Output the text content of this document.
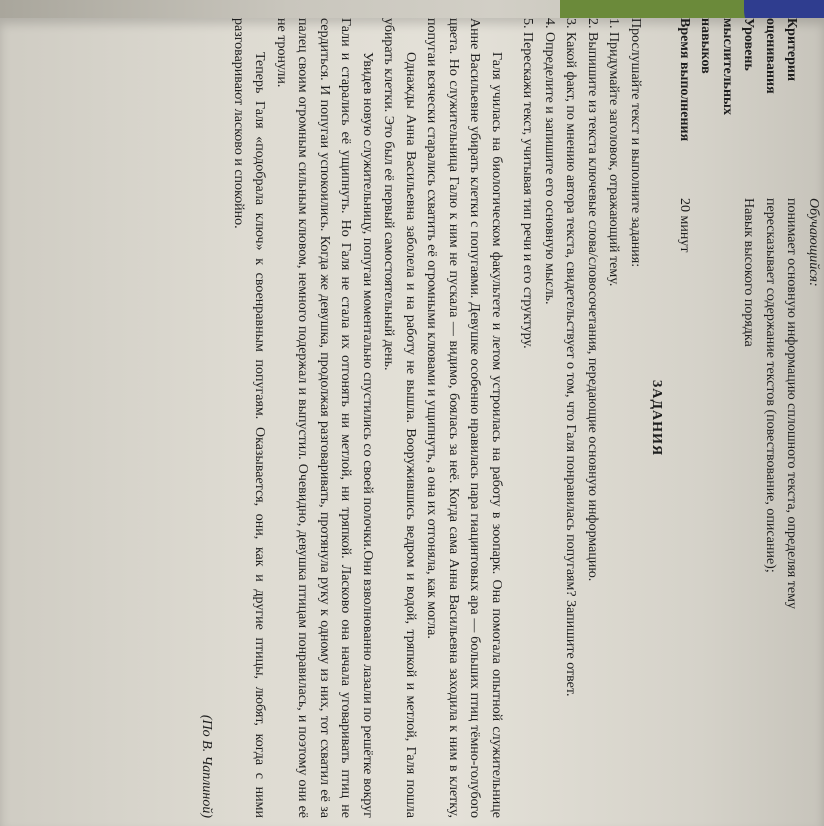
Обучающийся:
Критерии
понимает основную информацию сплошного текста, определяя тему
оценивания
пересказывает содержание текстов (повествование, описание);
Уровень
Навык высокого порядка
мыслительных
навыков
Время выполнения
20 минут
ЗАДАНИЯ
Прослушайте текст и выполните задания:
1. Придумайте заголовок, отражающий тему.
2. Выпишите из текста ключевые слова/словосочетания, передающие основную информацию.
3. Какой факт, по мнению автора текста, свидетельствует о том, что Галя понравилась попугаям? Запишите ответ.
4. Определите и запишите его основную мысль.
5. Перескажи текст, учитывая тип речи и его структуру.

Галя училась на биологическом факультете и летом устроилась на работу в зоопарк. Она помогала опытной служительнице Анне Васильевне убирать клетки с попугаями. Девушке особенно нравилась пара гиацинтовых ара — больших птиц тёмно-голубого цвета. Но служительница Галю к ним не пускала — видимо, боялась за неё. Когда сама Анна Васильевна заходила к ним в клетку, попугаи всячески старались схватить её огромными клювами и ущипнуть, а она их отгоняла, как могла.

Однажды Анна Васильевна заболела и на работу не вышла. Вооружившись ведром и водой, тряпкой и метлой, Галя пошла убирать клетки. Это был её первый самостоятельный день.

Увидев новую служительницу, попугаи моментально спустились со своей полочки.Они взволнованно лазали по решётке вокруг Гали и старались её ущипнуть. Но Галя не стала их отгонять ни метлой, ни тряпкой. Ласково она начала уговаривать птиц не сердиться. И попугаи успокоились. Когда же девушка, продолжая разговаривать, протянула руку к одному из них, тот схватил её за палец своим огромным сильным клювом, немного подержал и выпустил. Очевидно, девушка птицам понравилась, и поэтому они её не тронули.

Теперь Галя «подобрала ключ» к своенравным попугаям. Оказывается, они, как и другие птицы, любят, когда с ними разговаривают ласково и спокойно.

(По В. Чаплиной)
